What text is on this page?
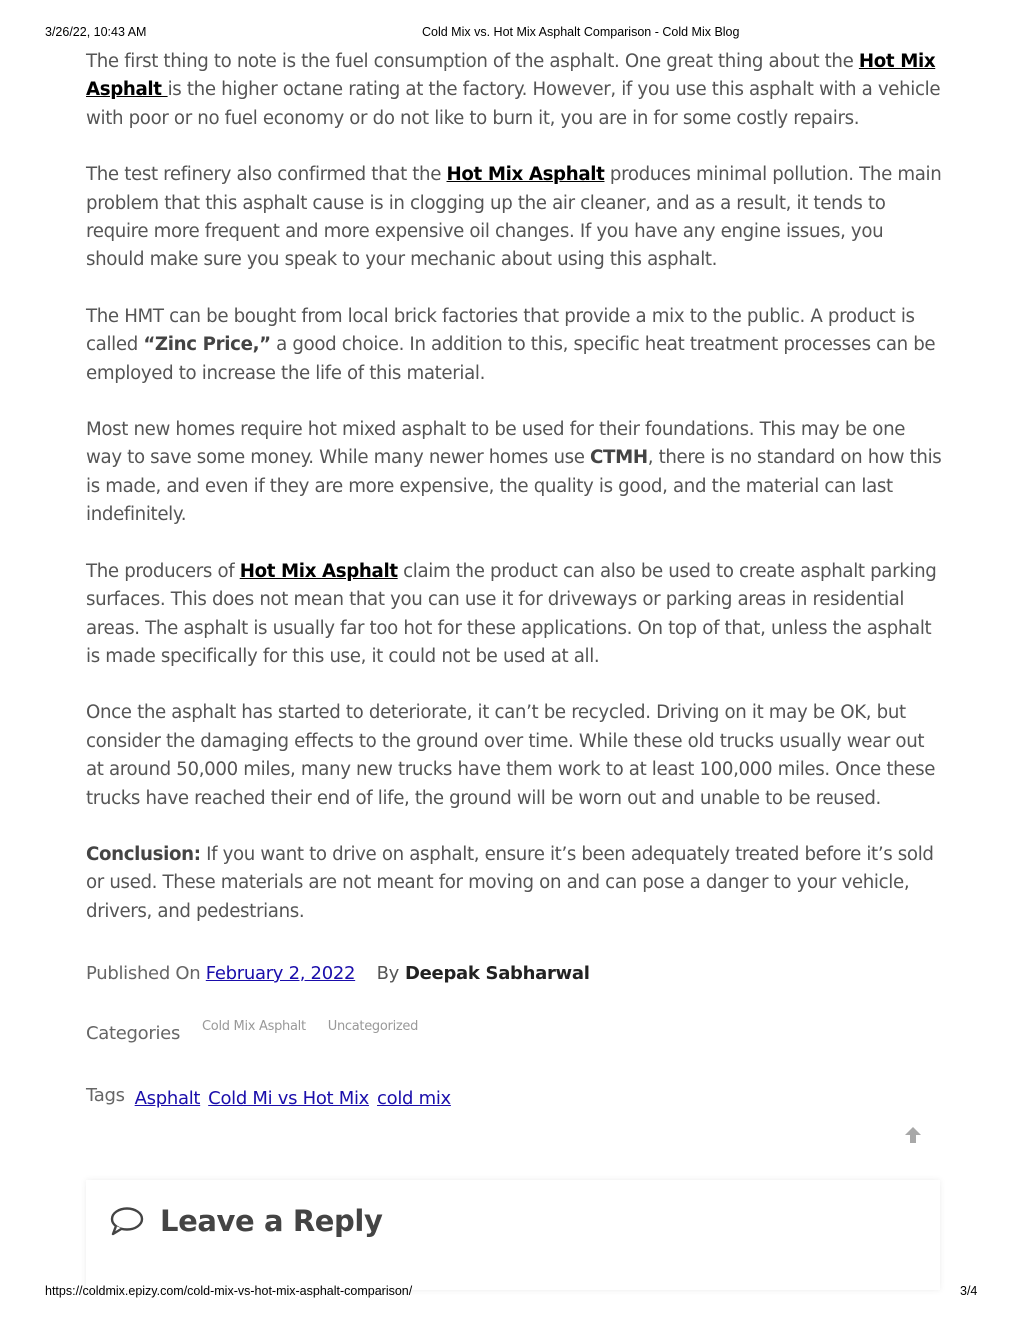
3/26/22, 10:43 AM	Cold Mix vs. Hot Mix Asphalt Comparison - Cold Mix Blog

The first thing to note is the fuel consumption of the asphalt. One great thing about the Hot Mix Asphalt is the higher octane rating at the factory. However, if you use this asphalt with a vehicle with poor or no fuel economy or do not like to burn it, you are in for some costly repairs.

The test refinery also confirmed that the Hot Mix Asphalt produces minimal pollution. The main problem that this asphalt cause is in clogging up the air cleaner, and as a result, it tends to require more frequent and more expensive oil changes. If you have any engine issues, you should make sure you speak to your mechanic about using this asphalt.

The HMT can be bought from local brick factories that provide a mix to the public. A product is called “Zinc Price,” a good choice. In addition to this, specific heat treatment processes can be employed to increase the life of this material.

Most new homes require hot mixed asphalt to be used for their foundations. This may be one way to save some money. While many newer homes use CTMH, there is no standard on how this is made, and even if they are more expensive, the quality is good, and the material can last indefinitely.

The producers of Hot Mix Asphalt claim the product can also be used to create asphalt parking surfaces. This does not mean that you can use it for driveways or parking areas in residential areas. The asphalt is usually far too hot for these applications. On top of that, unless the asphalt is made specifically for this use, it could not be used at all.

Once the asphalt has started to deteriorate, it can’t be recycled. Driving on it may be OK, but consider the damaging effects to the ground over time. While these old trucks usually wear out at around 50,000 miles, many new trucks have them work to at least 100,000 miles. Once these trucks have reached their end of life, the ground will be worn out and unable to be reused.

Conclusion: If you want to drive on asphalt, ensure it’s been adequately treated before it’s sold or used. These materials are not meant for moving on and can pose a danger to your vehicle, drivers, and pedestrians.

Published On February 2, 2022 By Deepak Sabharwal
Categories Cold Mix Asphalt Uncategorized
Tags Asphalt Cold Mi vs Hot Mix cold mix
Leave a Reply
https://coldmix.epizy.com/cold-mix-vs-hot-mix-asphalt-comparison/	3/4
